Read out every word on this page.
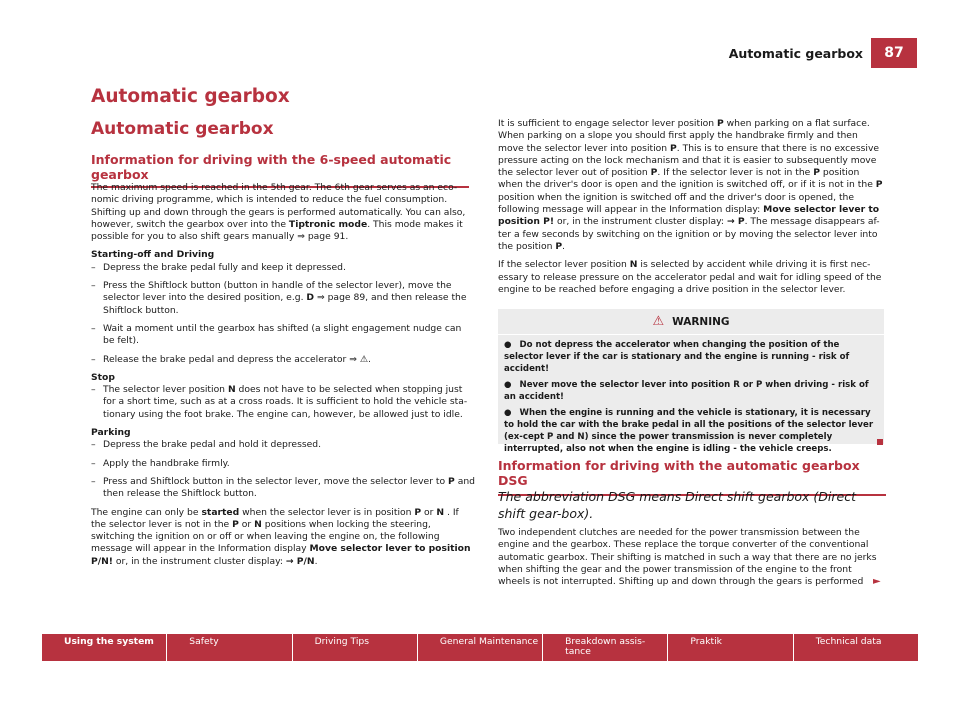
Automatic gearbox	87
Automatic gearbox
Automatic gearbox
Information for driving with the 6-speed automatic gearbox

The maximum speed is reached in the 5th gear. The 6th gear serves as an eco-nomic driving programme, which is intended to reduce the fuel consumption. Shifting up and down through the gears is performed automatically. You can also, however, switch the gearbox over into the Tiptronic mode. This mode makes it possible for you to also shift gears manually ⇒ page 91.

Starting-off and Driving

– Depress the brake pedal fully and keep it depressed.

– Press the Shiftlock button (button in handle of the selector lever), move the selector lever into the desired position, e.g. D ⇒ page 89, and then release the Shiftlock button.

– Wait a moment until the gearbox has shifted (a slight engagement nudge can be felt).

– Release the brake pedal and depress the accelerator ⇒ ⚠.

Stop

– The selector lever position N does not have to be selected when stopping just for a short time, such as at a cross roads. It is sufficient to hold the vehicle sta-tionary using the foot brake. The engine can, however, be allowed just to idle.

Parking

– Depress the brake pedal and hold it depressed.

– Apply the handbrake firmly.

– Press and Shiftlock button in the selector lever, move the selector lever to P and then release the Shiftlock button.

The engine can only be started when the selector lever is in position P or N . If the selector lever is not in the P or N positions when locking the steering, switching the ignition on or off or when leaving the engine on, the following message will appear in the Information display Move selector lever to position P/N! or, in the instrument cluster display: → P/N.

It is sufficient to engage selector lever position P when parking on a flat surface. When parking on a slope you should first apply the handbrake firmly and then move the selector lever into position P. This is to ensure that there is no excessive pressure acting on the lock mechanism and that it is easier to subsequently move the selector lever out of position P. If the selector lever is not in the P position when the driver's door is open and the ignition is switched off, or if it is not in the P position when the ignition is switched off and the driver's door is opened, the following message will appear in the Information display: Move selector lever to position P! or, in the instrument cluster display: → P. The message disappears af-ter a few seconds by switching on the ignition or by moving the selector lever into the position P.

If the selector lever position N is selected by accident while driving it is first nec-essary to release pressure on the accelerator pedal and wait for idling speed of the engine to be reached before engaging a drive position in the selector lever.

⚠ WARNING

● Do not depress the accelerator when changing the position of the selector lever if the car is stationary and the engine is running - risk of accident!

● Never move the selector lever into position R or P when driving - risk of an accident!

● When the engine is running and the vehicle is stationary, it is necessary to hold the car with the brake pedal in all the positions of the selector lever (ex-cept P and N) since the power transmission is never completely interrupted, also not when the engine is idling - the vehicle creeps.

Information for driving with the automatic gearbox DSG
The abbreviation DSG means Direct shift gearbox (Direct shift gear-box).
Two independent clutches are needed for the power transmission between the engine and the gearbox. These replace the torque converter of the conventional automatic gearbox. Their shifting is matched in such a way that there are no jerks when shifting the gear and the power transmission of the engine to the front wheels is not interrupted. Shifting up and down through the gears is performed ►
Using the system	Safety	Driving Tips	General Maintenance	Breakdown assis-tance
Praktik	Technical data
